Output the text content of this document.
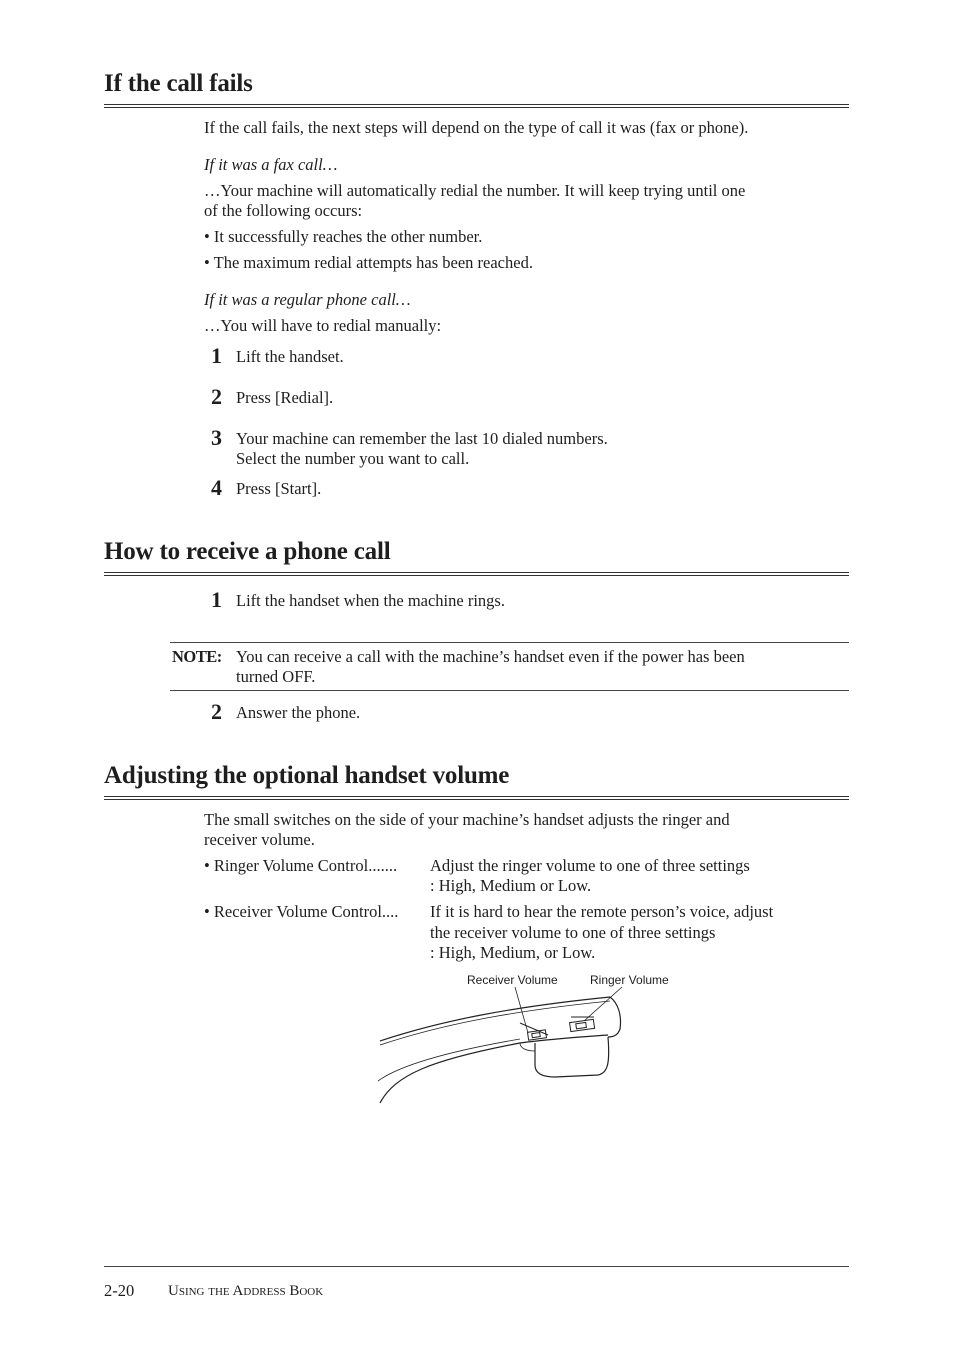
If the call fails
If the call fails, the next steps will depend on the type of call it was (fax or phone).
If it was a fax call…
…Your machine will automatically redial the number. It will keep trying until one
of the following occurs:
• It successfully reaches the other number.
• The maximum redial attempts has been reached.
If it was a regular phone call…
…You will have to redial manually:
1 Lift the handset.
2 Press [Redial].
3 Your machine can remember the last 10 dialed numbers.
Select the number you want to call.
4 Press [Start].
How to receive a phone call
1 Lift the handset when the machine rings.
NOTE: You can receive a call with the machine’s handset even if the power has been
turned OFF.
2 Answer the phone.
Adjusting the optional handset volume
The small switches on the side of your machine’s handset adjusts the ringer and
receiver volume.
• Ringer Volume Control....... Adjust the ringer volume to one of three settings
: High, Medium or Low.
• Receiver Volume Control.... If it is hard to hear the remote person’s voice, adjust
the receiver volume to one of three settings
: High, Medium, or Low.
Receiver Volume	Ringer Volume
2-20 Using the Address Book
